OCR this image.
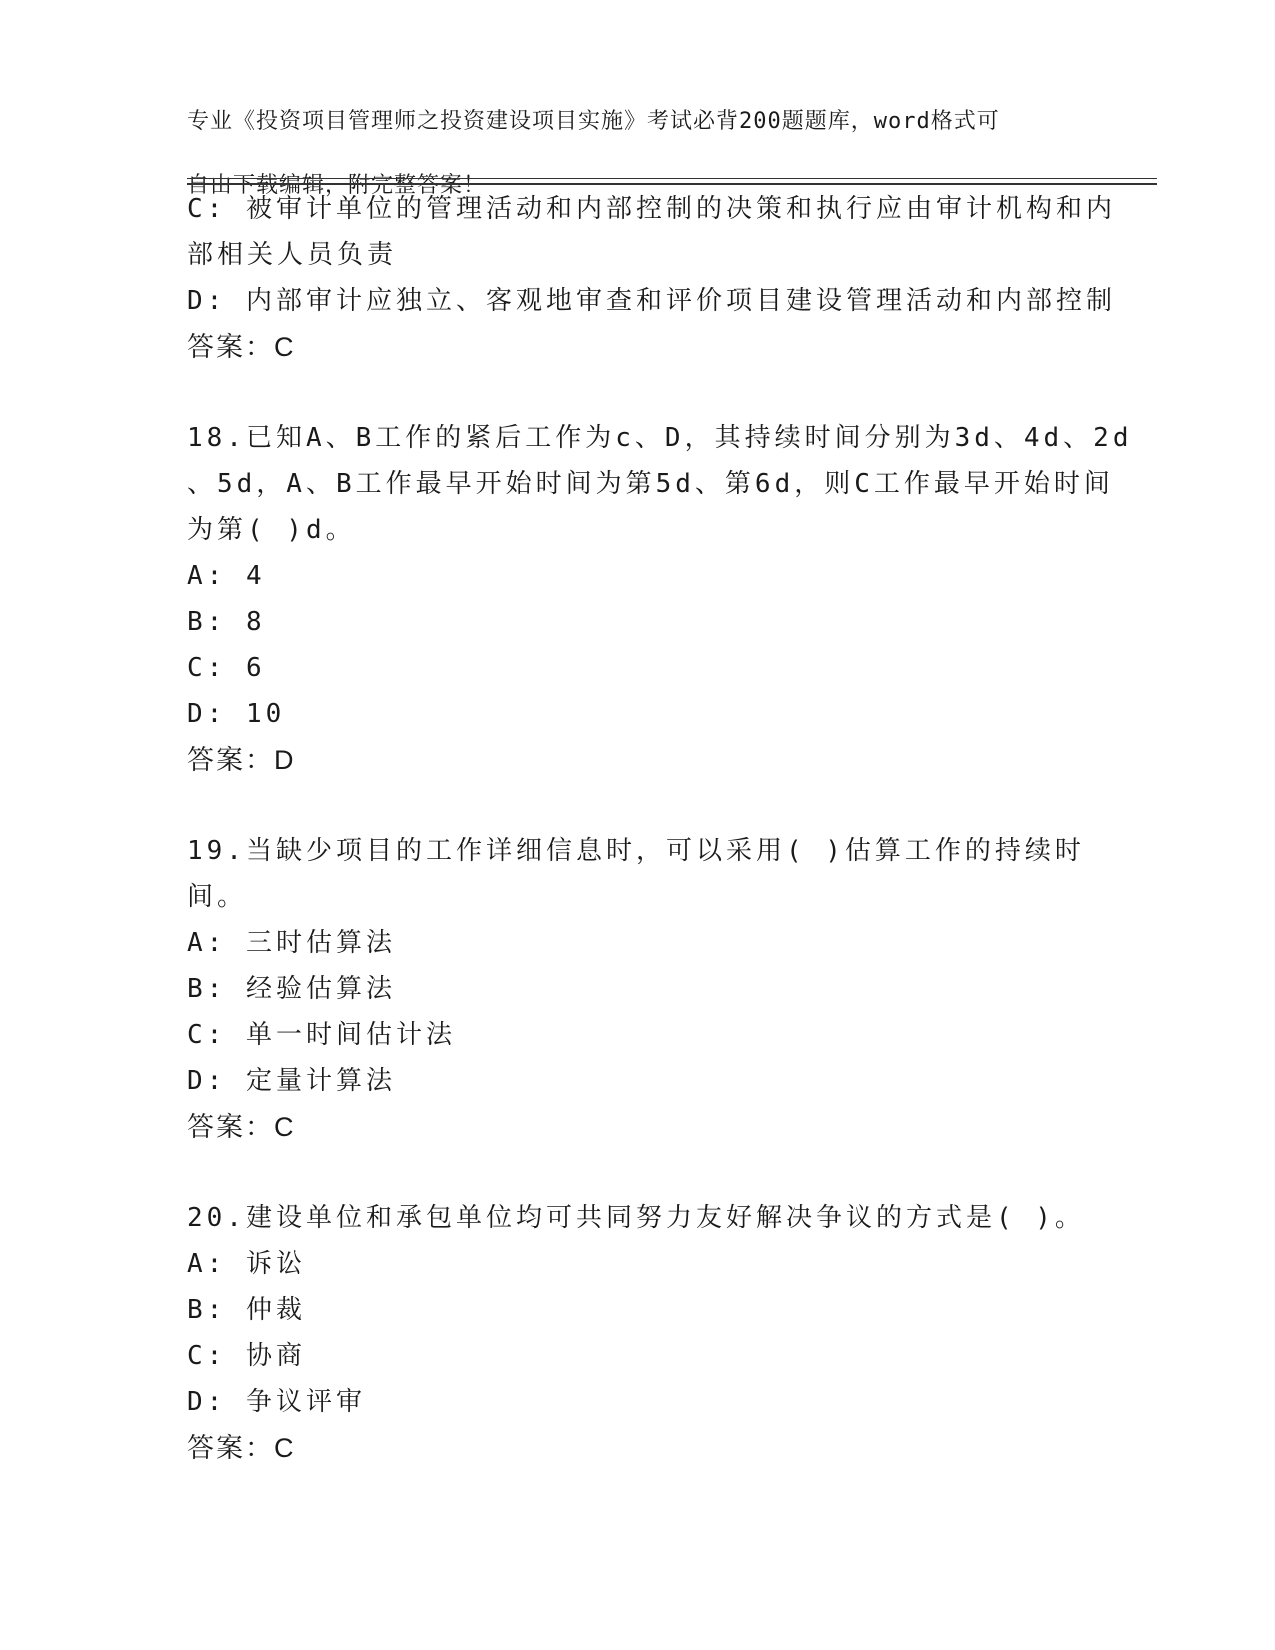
专业《投资项目管理师之投资建设项目实施》考试必背200题题库，word格式可

自由下载编辑，附完整答案！

C: 被审计单位的管理活动和内部控制的决策和执行应由审计机构和内
部相关人员负责
D: 内部审计应独立、客观地审查和评价项目建设管理活动和内部控制
答案：C
18.已知A、B工作的紧后工作为c、D，其持续时间分别为3d、4d、2d
、5d，A、B工作最早开始时间为第5d、第6d，则C工作最早开始时间
为第( )d。
A: 4
B: 8
C: 6
D: 10
答案：D
19.当缺少项目的工作详细信息时，可以采用( )估算工作的持续时
间。
A: 三时估算法
B: 经验估算法
C: 单一时间估计法
D: 定量计算法
答案：C
20.建设单位和承包单位均可共同努力友好解决争议的方式是( )。
A: 诉讼
B: 仲裁
C: 协商
D: 争议评审
答案：C
